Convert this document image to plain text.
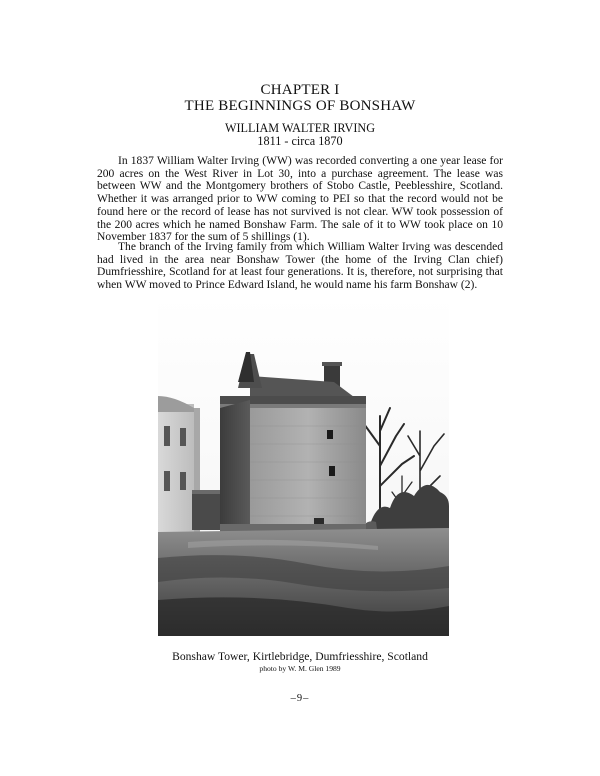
CHAPTER I
THE BEGINNINGS OF BONSHAW
WILLIAM WALTER IRVING
1811 - circa 1870

In 1837 William Walter Irving (WW) was recorded converting a one year lease for 200 acres on the West River in Lot 30, into a purchase agreement. The lease was between WW and the Montgomery brothers of Stobo Castle, Peeblesshire, Scotland. Whether it was arranged prior to WW coming to PEI so that the record would not be found here or the record of lease has not survived is not clear. WW took possession of the 200 acres which he named Bonshaw Farm. The sale of it to WW took place on 10 November 1837 for the sum of 5 shillings (1).

The branch of the Irving family from which William Walter Irving was descended had lived in the area near Bonshaw Tower (the home of the Irving Clan chief) Dumfriesshire, Scotland for at least four generations. It is, therefore, not surprising that when WW moved to Prince Edward Island, he would name his farm Bonshaw (2).

Bonshaw Tower, Kirtlebridge, Dumfriesshire, Scotland
photo by W. M. Glen 1989
–9–
